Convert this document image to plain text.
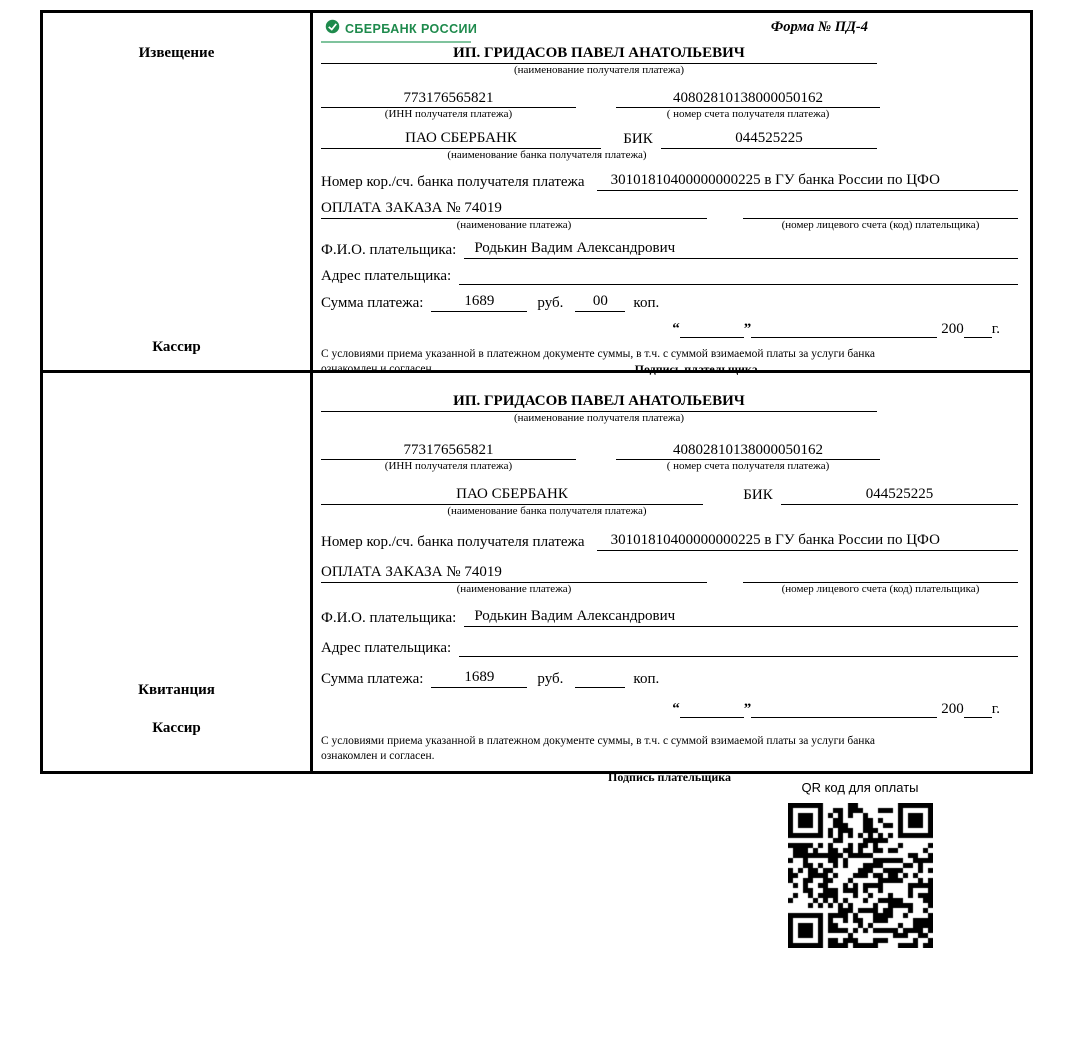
Извещение
Кассир
СБЕРБАНК РОССИИ	Форма № ПД-4
ИП. ГРИДАСОВ ПАВЕЛ АНАТОЛЬЕВИЧ
(наименование получателя платежа)
773176565821	40802810138000050162
(ИНН получателя платежа)	( номер счета получателя платежа)
ПАО СБЕРБАНК	БИК	044525225
(наименование банка получателя платежа)
Номер кор./сч. банка получателя платежа	30101810400000000225 в ГУ банка России по ЦФО
ОПЛАТА ЗАКАЗА № 74019
(наименование платежа)	(номер лицевого счета (код) плательщика)
Ф.И.О. плательщика:	Родькин Вадим Александрович
Адрес плательщика:
Сумма платежа:	1689	руб.	00	коп.
“	”	200 г.
С условиями приема указанной в платежном документе суммы, в т.ч. с суммой взимаемой платы за услуги банка
ознакомлен и согласен.	Подпись плательщика
Квитанция
Кассир
ИП. ГРИДАСОВ ПАВЕЛ АНАТОЛЬЕВИЧ
(наименование получателя платежа)
773176565821	40802810138000050162
(ИНН получателя платежа)	( номер счета получателя платежа)
ПАО СБЕРБАНК	БИК	044525225
(наименование банка получателя платежа)
Номер кор./сч. банка получателя платежа	30101810400000000225 в ГУ банка России по ЦФО
ОПЛАТА ЗАКАЗА № 74019
(наименование платежа)	(номер лицевого счета (код) плательщика)
Ф.И.О. плательщика:	Родькин Вадим Александрович
Адрес плательщика:
Сумма платежа:	1689	руб.	коп.
“	”	200 г.
С условиями приема указанной в платежном документе суммы, в т.ч. с суммой взимаемой платы за услуги банка
ознакомлен и согласен.
Подпись плательщика
QR код для оплаты
